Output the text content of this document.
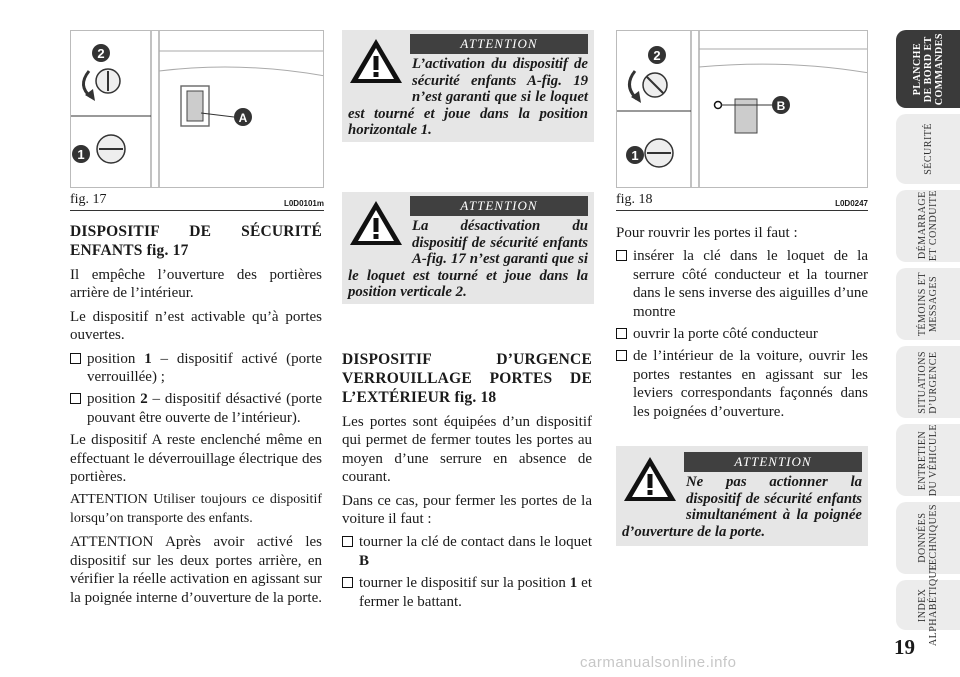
2
1
A
fig. 17	L0D0101m
DISPOSITIF DE SÉCURITÉ ENFANTS fig. 17

Il empêche l’ouverture des portières arrière de l’intérieur.

Le dispositif n’est activable qu’à portes ouvertes.

position 1 – dispositif activé (porte verrouillée) ;
position 2 – dispositif désactivé (porte pouvant être ouverte de l’intérieur).

Le dispositif A reste enclenché même en effectuant le déverrouillage électrique des portières.

ATTENTION Utiliser toujours ce dispositif lorsqu’on transporte des enfants.

ATTENTION Après avoir activé les dispositif sur les deux portes arrière, en vérifier la réelle activation en agissant sur la poignée interne d’ouverture de la porte.

ATTENTION
L’activation du dispositif de sécurité enfants A-fig. 19 n’est garanti que si le loquet est tourné et joue dans la position horizontale 1.
ATTENTION
La désactivation du dispositif de sécurité enfants A-fig. 17 n’est garanti que si le loquet est tourné et joue dans la position verticale 2.
DISPOSITIF D’URGENCE VERROUILLAGE PORTES DE L’EXTÉRIEUR fig. 18

Les portes sont équipées d’un dispositif qui permet de fermer toutes les portes au moyen d’une serrure en absence de courant.

Dans ce cas, pour fermer les portes de la voiture il faut :

tourner la clé de contact dans le loquet B
tourner le dispositif sur la position 1 et fermer le battant.
2
1
B
fig. 18	L0D0247

Pour rouvrir les portes il faut :

insérer la clé dans le loquet de la serrure côté conducteur et la tourner dans le sens inverse des aiguilles d’une montre
ouvrir la porte côté conducteur
de l’intérieur de la voiture, ouvrir les portes restantes en agissant sur les leviers correspondants façonnés dans les poignées d’ouverture.
ATTENTION
Ne pas actionner la dispositif de sécurité enfants simultanément à la poignée d’ouverture de la porte.
PLANCHE
DE BORD ET
COMMANDES
SÉCURITÉ
DÉMARRAGE
ET CONDUITE
TÉMOINS ET
MESSAGES
SITUATIONS
D’URGENCE
ENTRETIEN
DU VÉHICULE
DONNÉES
TECHNIQUES
INDEX
ALPHABÉTIQUE
19
carmanualsonline.info
